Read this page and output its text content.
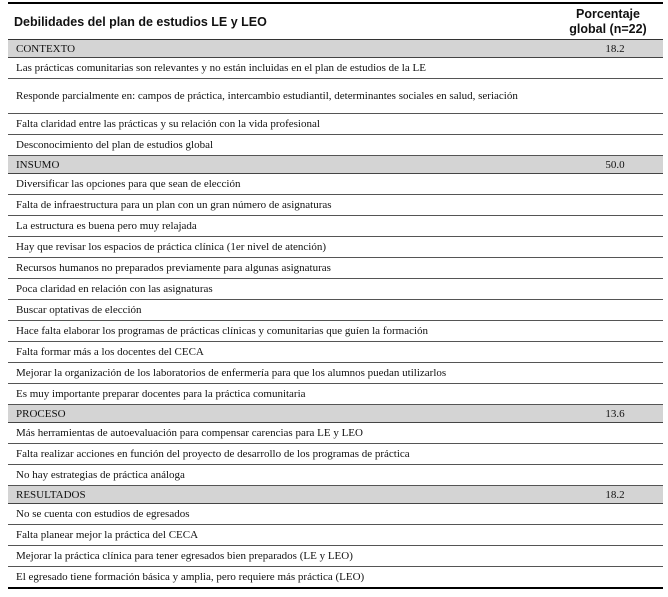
Debilidades del plan de estudios LE y LEO	Porcentaje
global (n=22)
CONTEXTO	18.2
Las prácticas comunitarias son relevantes y no están incluidas en el plan de estudios de la LE	
Responde parcialmente en: campos de práctica, intercambio estudiantil, determinantes sociales en salud, seriación	
Falta claridad entre las prácticas y su relación con la vida profesional	
Desconocimiento del plan de estudios global	
INSUMO	50.0
Diversificar las opciones para que sean de elección	
Falta de infraestructura para un plan con un gran número de asignaturas	
La estructura es buena pero muy relajada	
Hay que revisar los espacios de práctica clínica (1er nivel de atención)	
Recursos humanos no preparados previamente para algunas asignaturas	
Poca claridad en relación con las asignaturas	
Buscar optativas de elección	
Hace falta elaborar los programas de prácticas clínicas y comunitarias que guíen la formación	
Falta formar más a los docentes del CECA	
Mejorar la organización de los laboratorios de enfermería para que los alumnos puedan utilizarlos	
Es muy importante preparar docentes para la práctica comunitaria	
PROCESO	13.6
Más herramientas de autoevaluación para compensar carencias para LE y LEO	
Falta realizar acciones en función del proyecto de desarrollo de los programas de práctica	
No hay estrategias de práctica análoga	
RESULTADOS	18.2
No se cuenta con estudios de egresados	
Falta planear mejor la práctica del CECA	
Mejorar la práctica clínica para tener egresados bien preparados (LE y LEO)	
El egresado tiene formación básica y amplia, pero requiere más práctica (LEO)	
